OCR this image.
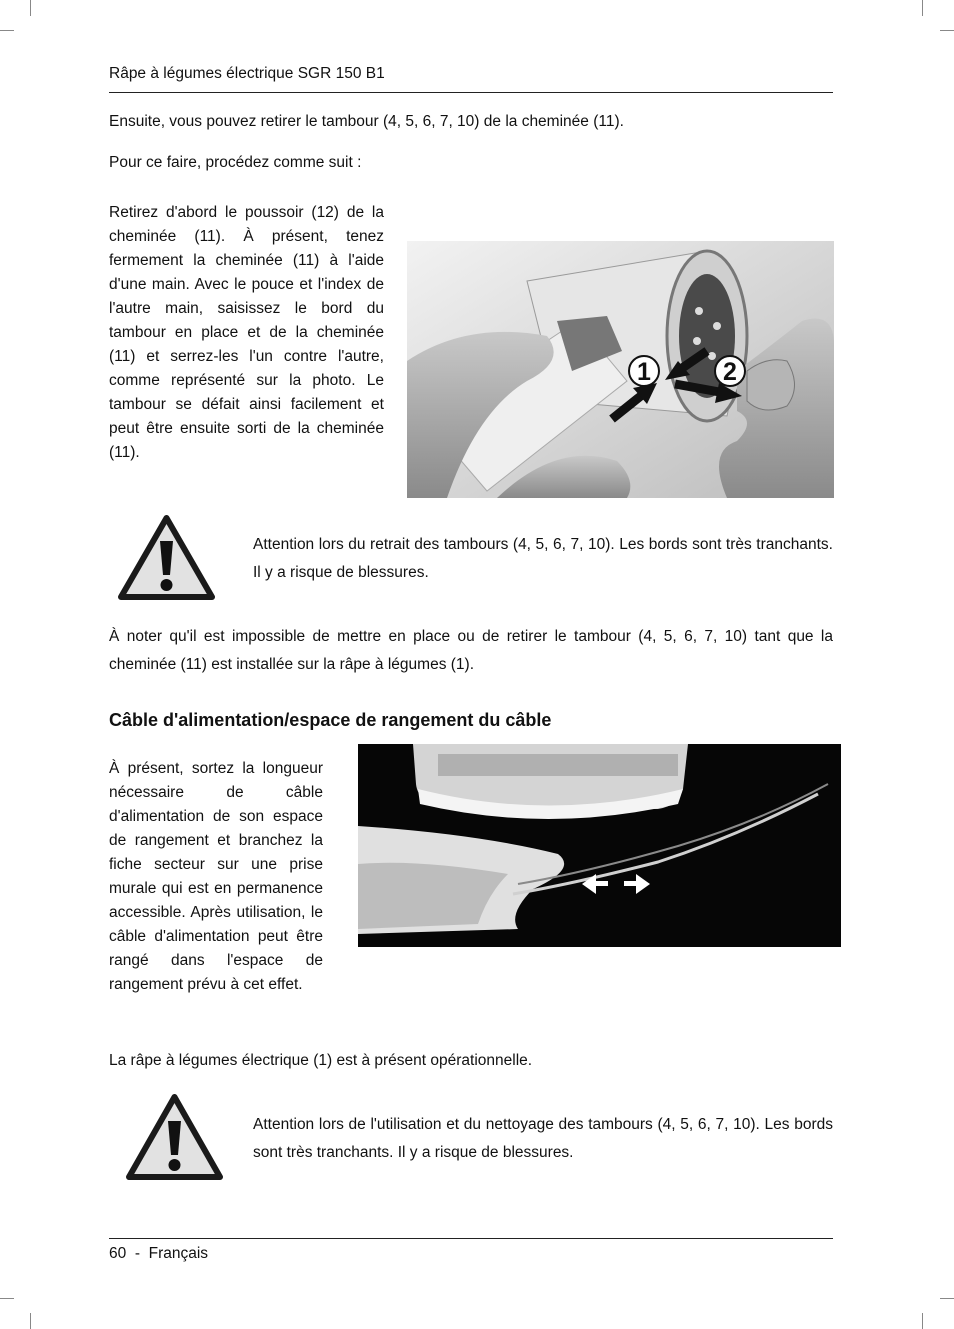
Râpe à légumes électrique SGR 150 B1
Ensuite, vous pouvez retirer le tambour (4, 5, 6, 7, 10) de la cheminée (11).
Pour ce faire, procédez comme suit :
Retirez d'abord le poussoir (12) de la cheminée (11). À présent, tenez fermement la cheminée (11) à l'aide d'une main. Avec le pouce et l'index de l'autre main, saisissez le bord du tambour en place et de la cheminée (11) et serrez-les l'un contre l'autre, comme représenté sur la photo. Le tambour se défait ainsi facilement et peut être ensuite sorti de la cheminée (11).
1	2
Attention lors du retrait des tambours (4, 5, 6, 7, 10). Les bords sont très tranchants. Il y a risque de blessures.
À noter qu'il est impossible de mettre en place ou de retirer le tambour (4, 5, 6, 7, 10) tant que la cheminée (11) est installée sur la râpe à légumes (1).
Câble d'alimentation/espace de rangement du câble
À présent, sortez la longueur nécessaire de câble d'alimentation de son espace de rangement et branchez la fiche secteur sur une prise murale qui est en permanence accessible. Après utilisation, le câble d'alimentation peut être rangé dans l'espace de rangement prévu à cet effet.
La râpe à légumes électrique (1) est à présent opérationnelle.
Attention lors de l'utilisation et du nettoyage des tambours (4, 5, 6, 7, 10). Les bords sont très tranchants. Il y a risque de blessures.
60  -  Français
